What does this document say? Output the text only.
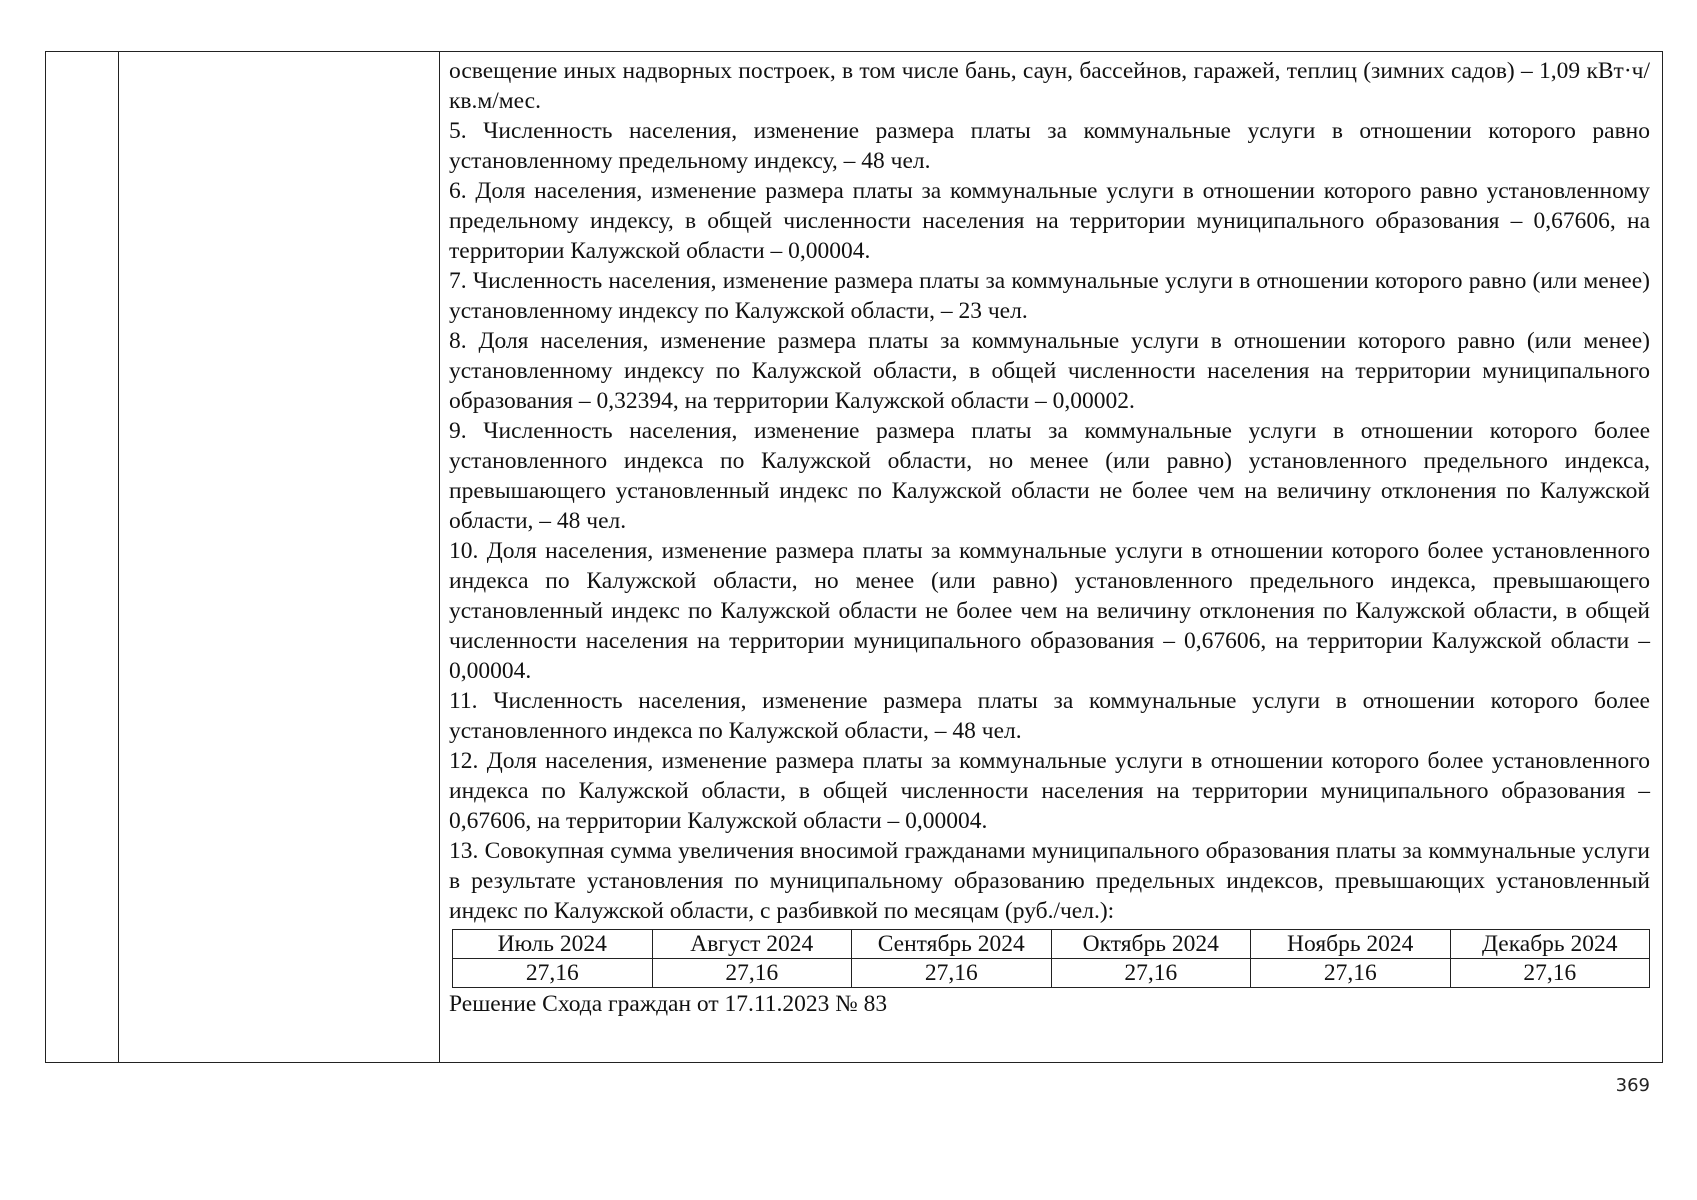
освещение иных надворных построек, в том числе бань, саун, бассейнов, гаражей, теплиц (зимних садов) – 1,09 кВт·ч/кв.м/мес.

5. Численность населения, изменение размера платы за коммунальные услуги в отношении которого равно установленному предельному индексу, – 48 чел.

6. Доля населения, изменение размера платы за коммунальные услуги в отношении которого равно установленному предельному индексу, в общей численности населения на территории муниципального образования – 0,67606, на территории Калужской области – 0,00004.

7. Численность населения, изменение размера платы за коммунальные услуги в отношении которого равно (или менее) установленному индексу по Калужской области, – 23 чел.

8. Доля населения, изменение размера платы за коммунальные услуги в отношении которого равно (или менее) установленному индексу по Калужской области, в общей численности населения на территории муниципального образования – 0,32394, на территории Калужской области – 0,00002.

9. Численность населения, изменение размера платы за коммунальные услуги в отношении которого более установленного индекса по Калужской области, но менее (или равно) установленного предельного индекса, превышающего установленный индекс по Калужской области не более чем на величину отклонения по Калужской области, – 48 чел.

10. Доля населения, изменение размера платы за коммунальные услуги в отношении которого более установленного индекса по Калужской области, но менее (или равно) установленного предельного индекса, превышающего установленный индекс по Калужской области не более чем на величину отклонения по Калужской области, в общей численности населения на территории муниципального образования – 0,67606, на территории Калужской области – 0,00004.

11. Численность населения, изменение размера платы за коммунальные услуги в отношении которого более установленного индекса по Калужской области, – 48 чел.

12. Доля населения, изменение размера платы за коммунальные услуги в отношении которого более установленного индекса по Калужской области, в общей численности населения на территории муниципального образования – 0,67606, на территории Калужской области – 0,00004.

13. Совокупная сумма увеличения вносимой гражданами муниципального образования платы за коммунальные услуги в результате установления по муниципальному образованию предельных индексов, превышающих установленный индекс по Калужской области, с разбивкой по месяцам (руб./чел.):

Июль 2024	Август 2024	Сентябрь 2024	Октябрь 2024	Ноябрь 2024	Декабрь 2024
27,16	27,16	27,16	27,16	27,16	27,16

Решение Схода граждан от 17.11.2023 № 83

369
